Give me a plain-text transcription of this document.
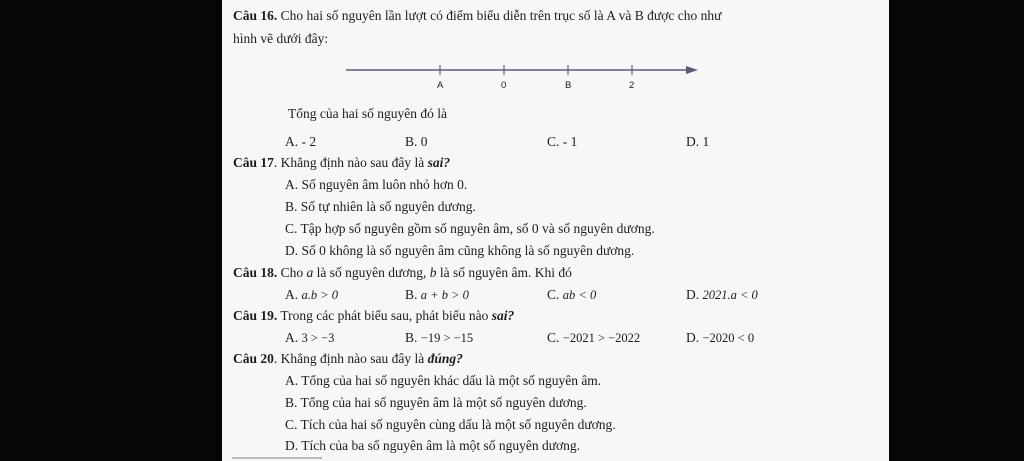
Câu 16. Cho hai số nguyên lần lượt có điểm biểu diễn trên trục số là A và B được cho như
hình vẽ dưới đây:
A	0	B	2
Tổng của hai số nguyên đó là
A. - 2	B. 0	C. - 1	D. 1
Câu 17. Khẳng định nào sau đây là sai?
A. Số nguyên âm luôn nhỏ hơn 0.
B. Số tự nhiên là số nguyên dương.
C. Tập hợp số nguyên gồm số nguyên âm, số 0 và số nguyên dương.
D. Số 0 không là số nguyên âm cũng không là số nguyên dương.
Câu 18. Cho a là số nguyên dương, b là số nguyên âm. Khi đó
A. a.b > 0	B. a + b > 0	C. ab < 0	D. 2021.a < 0
Câu 19. Trong các phát biểu sau, phát biểu nào sai?
A. 3 > −3	B. −19 > −15	C. −2021 > −2022	D. −2020 < 0
Câu 20. Khẳng định nào sau đây là đúng?
A. Tổng của hai số nguyên khác dấu là một số nguyên âm.
B. Tổng của hai số nguyên âm là một số nguyên dương.
C. Tích của hai số nguyên cùng dấu là một số nguyên dương.
D. Tích của ba số nguyên âm là một số nguyên dương.
